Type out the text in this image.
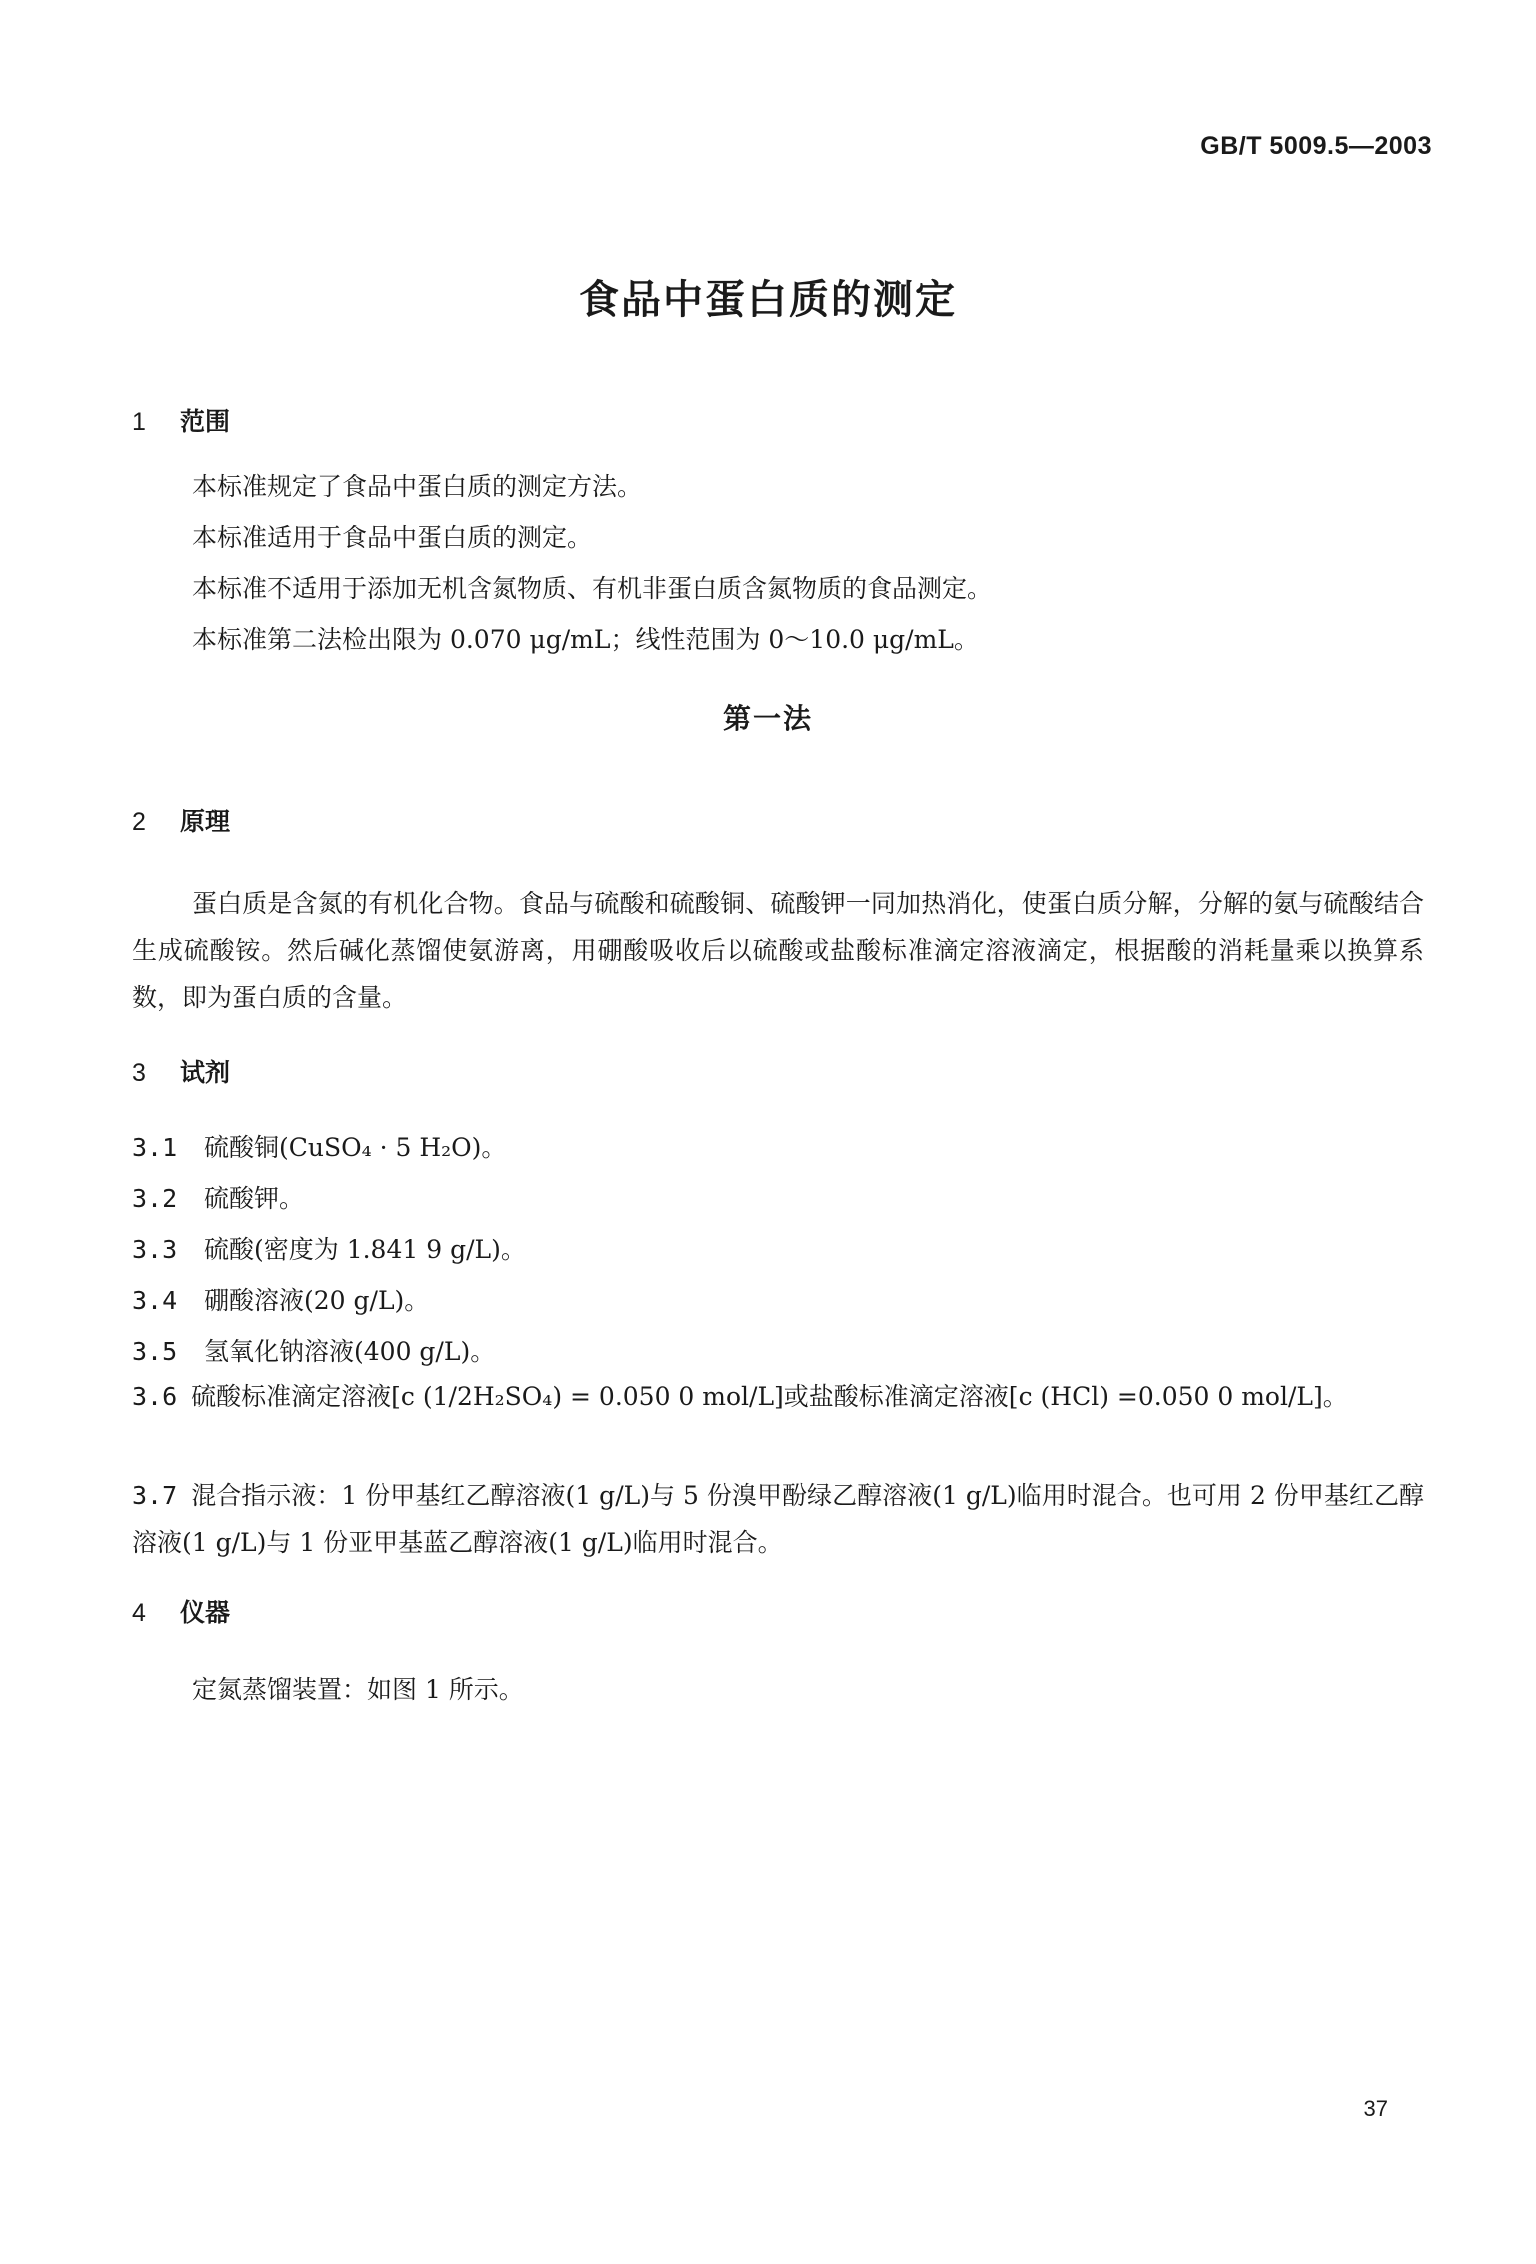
GB/T 5009.5—2003
食品中蛋白质的测定
1 范围
本标准规定了食品中蛋白质的测定方法。
本标准适用于食品中蛋白质的测定。
本标准不适用于添加无机含氮物质、有机非蛋白质含氮物质的食品测定。
本标准第二法检出限为 0.070 μg/mL；线性范围为 0～10.0 μg/mL。
第一法
2 原理
蛋白质是含氮的有机化合物。食品与硫酸和硫酸铜、硫酸钾一同加热消化，使蛋白质分解，分解的氨与硫酸结合生成硫酸铵。然后碱化蒸馏使氨游离，用硼酸吸收后以硫酸或盐酸标准滴定溶液滴定，根据酸的消耗量乘以换算系数，即为蛋白质的含量。
3 试剂
3.1 硫酸铜(CuSO₄ · 5 H₂O)。
3.2 硫酸钾。
3.3 硫酸(密度为 1.841 9 g/L)。
3.4 硼酸溶液(20 g/L)。
3.5 氢氧化钠溶液(400 g/L)。
3.6 硫酸标准滴定溶液[c (1/2H₂SO₄) = 0.050 0 mol/L]或盐酸标准滴定溶液[c (HCl) =0.050 0 mol/L]。
3.7 混合指示液：1 份甲基红乙醇溶液(1 g/L)与 5 份溴甲酚绿乙醇溶液(1 g/L)临用时混合。也可用 2 份甲基红乙醇溶液(1 g/L)与 1 份亚甲基蓝乙醇溶液(1 g/L)临用时混合。
4 仪器
定氮蒸馏装置：如图 1 所示。
37
